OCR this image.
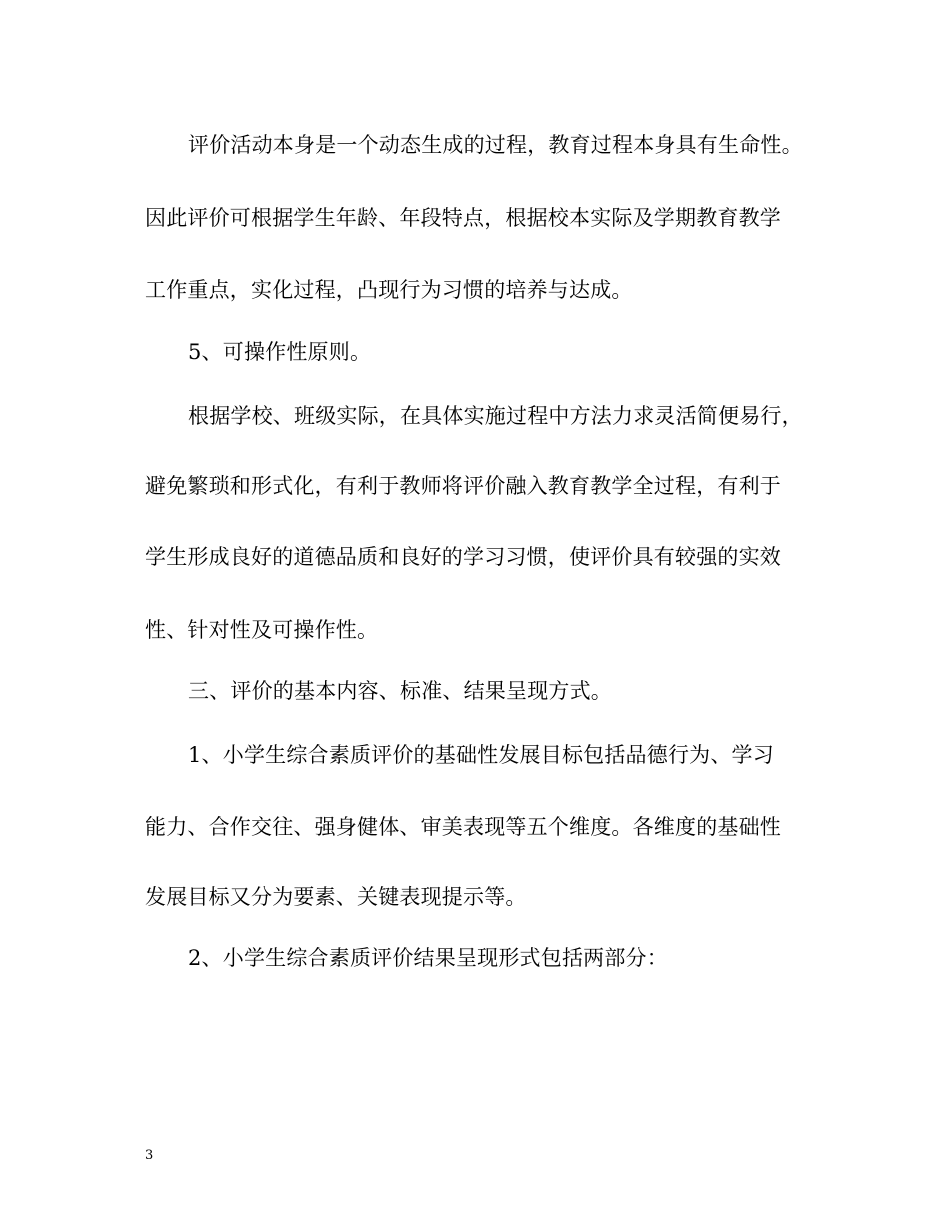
评价活动本身是一个动态生成的过程，教育过程本身具有生命性。
因此评价可根据学生年龄、年段特点，根据校本实际及学期教育教学
工作重点，实化过程，凸现行为习惯的培养与达成。
5、可操作性原则。
根据学校、班级实际，在具体实施过程中方法力求灵活简便易行，
避免繁琐和形式化，有利于教师将评价融入教育教学全过程，有利于
学生形成良好的道德品质和良好的学习习惯，使评价具有较强的实效
性、针对性及可操作性。
三、评价的基本内容、标准、结果呈现方式。
1、小学生综合素质评价的基础性发展目标包括品德行为、学习
能力、合作交往、强身健体、审美表现等五个维度。各维度的基础性
发展目标又分为要素、关键表现提示等。
2、小学生综合素质评价结果呈现形式包括两部分：
3
